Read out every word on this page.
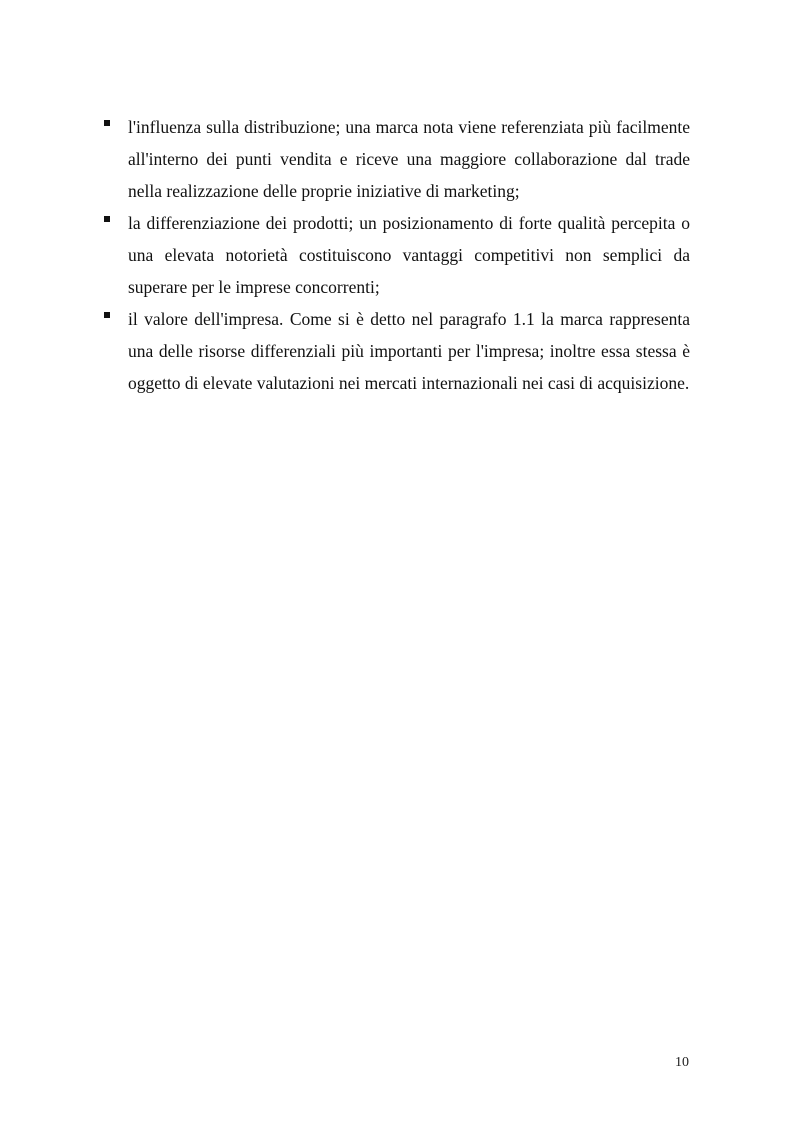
l'influenza sulla distribuzione; una marca nota viene referenziata più facilmente all'interno dei punti vendita e riceve una maggiore collaborazione dal trade nella realizzazione delle proprie iniziative di marketing;
la differenziazione dei prodotti; un posizionamento di forte qualità percepita o una elevata notorietà costituiscono vantaggi competitivi non semplici da superare per le imprese concorrenti;
il valore dell'impresa. Come si è detto nel paragrafo 1.1 la marca rappresenta una delle risorse differenziali più importanti per l'impresa; inoltre essa stessa è oggetto di elevate valutazioni nei mercati internazionali nei casi di acquisizione.
10
